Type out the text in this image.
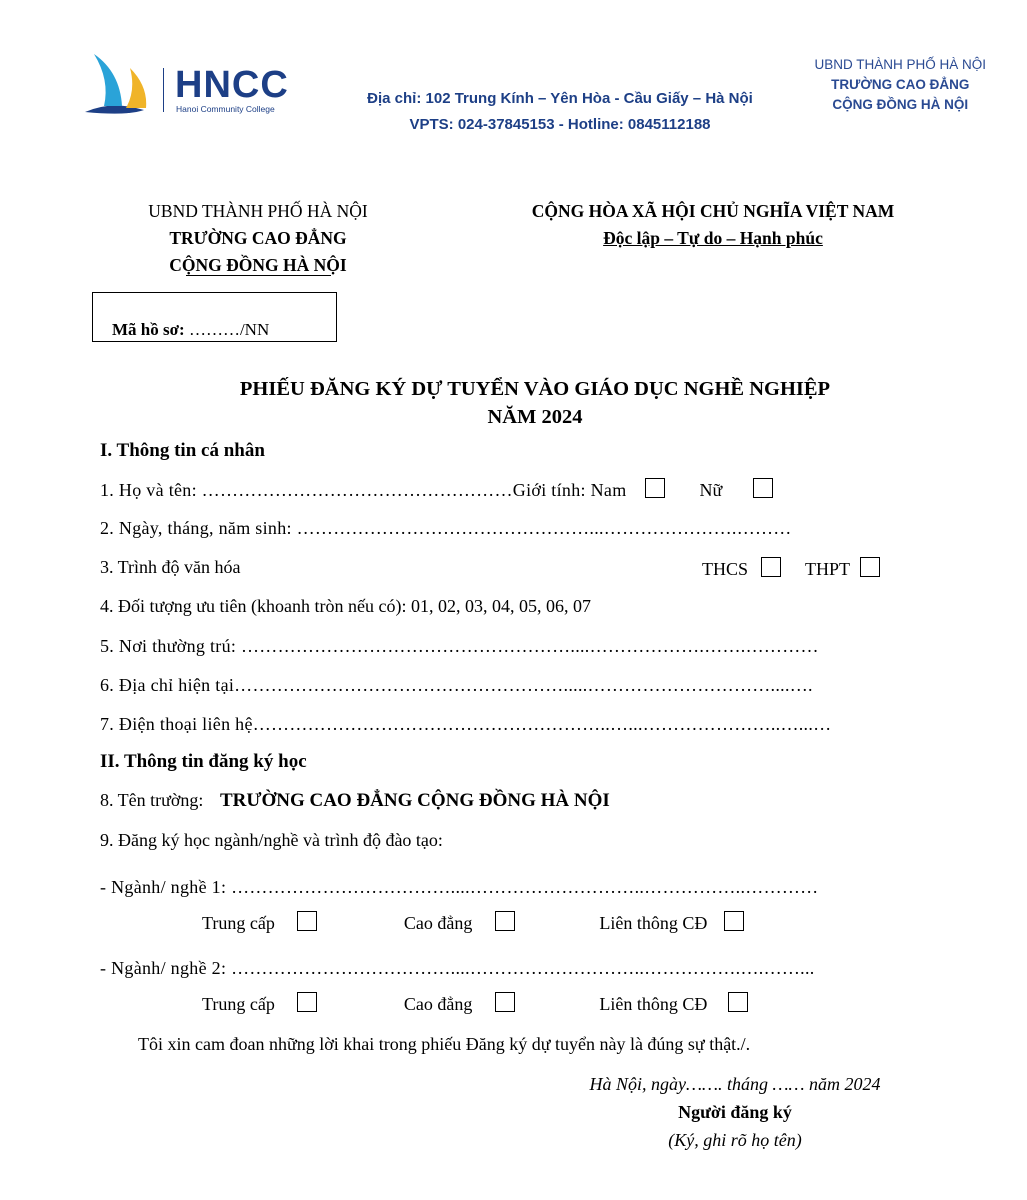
HNCC
Hanoi Community College
Địa chỉ: 102 Trung Kính – Yên Hòa - Cầu Giấy – Hà Nội
VPTS: 024-37845153 - Hotline: 0845112188
UBND THÀNH PHỐ HÀ NỘI
TRƯỜNG CAO ĐẲNG
CỘNG ĐỒNG HÀ NỘI
UBND THÀNH PHỐ HÀ NỘI
TRƯỜNG CAO ĐẲNG
CỘNG ĐỒNG HÀ NỘI
CỘNG HÒA XÃ HỘI CHỦ NGHĨA VIỆT NAM
Độc lập – Tự do – Hạnh phúc
Mã hồ sơ: ………/NN
PHIẾU ĐĂNG KÝ DỰ TUYỂN VÀO GIÁO DỤC NGHỀ NGHIỆP
NĂM 2024
I. Thông tin cá nhân
1. Họ và tên: ……………………………………………Giới tính: Nam	Nữ
2. Ngày, tháng, năm sinh: …………………………………………...………………….………
3. Trình độ văn hóa	THCS	THPT
4. Đối tượng ưu tiên (khoanh tròn nếu có): 01, 02, 03, 04, 05, 06, 07
5. Nơi thường trú: ………………………………………………....……………….…….…………
6. Địa chỉ hiện tại……………………………………………….....…………………………....….
7. Điện thoại liên hệ…………………………………………………..…...…………………..…...…
II. Thông tin đăng ký học
8. Tên trường: TRƯỜNG CAO ĐẲNG CỘNG ĐỒNG HÀ NỘI
9. Đăng ký học ngành/nghề và trình độ đào tạo:
- Ngành/ nghề 1: ………………………………....………………………..……………..…………
Trung cấp	Cao đẳng	Liên thông CĐ
- Ngành/ nghề 2: ………………………………....………………………..…………….….……...
Trung cấp	Cao đẳng	Liên thông CĐ
Tôi xin cam đoan những lời khai trong phiếu Đăng ký dự tuyển này là đúng sự thật./.
Hà Nội, ngày……. tháng …… năm 2024
Người đăng ký
(Ký, ghi rõ họ tên)
